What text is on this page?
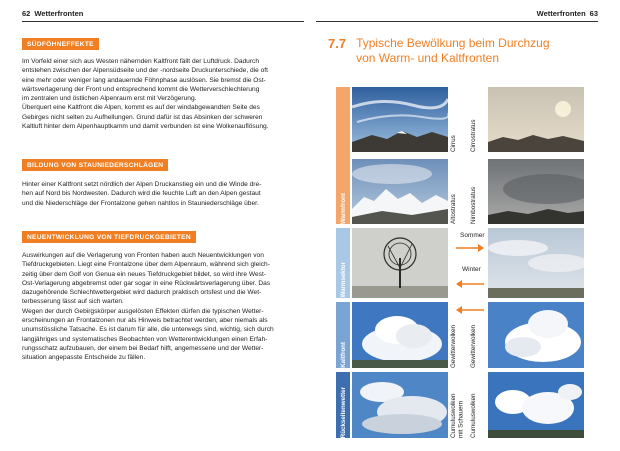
62 Wetterfronten
SÜDFÖHNEFFEKTE
Im Vorfeld einer sich aus Westen nähernden Kaltfront fällt der Luftdruck. Dadurch
entstehen zwischen der Alpensüdseite und der -nordseite Druckunterschiede, die oft
eine mehr oder weniger lang andauernde Föhnphase auslösen. Sie bremst die Ost-
wärtsverlagerung der Front und entsprechend kommt die Wetterverschlechterung
im zentralen und östlichen Alpenraum erst mit Verzögerung.
Überquert eine Kaltfront die Alpen, kommt es auf der windabgewandten Seite des
Gebirges nicht selten zu Aufhellungen. Grund dafür ist das Absinken der schweren
Kaltluft hinter dem Alpenhauptkamm und damit verbunden ist eine Wolkenauflösung.
BILDUNG VON STAUNIEDERSCHLÄGEN
Hinter einer Kaltfront setzt nördlich der Alpen Druckanstieg ein und die Winde dre-
hen auf Nord bis Nordwesten. Dadurch wird die feuchte Luft an den Alpen gestaut
und die Niederschläge der Frontalzone gehen nahtlos in Stauniederschläge über.
NEUENTWICKLUNG VON TIEFDRUCKGEBIETEN
Auswirkungen auf die Verlagerung von Fronten haben auch Neuentwicklungen von
Tiefdruckgebieten. Liegt eine Frontalzone über dem Alpenraum, während sich gleich-
zeitig über dem Golf von Genua ein neues Tiefdruckgebiet bildet, so wird ihre West-
Ost-Verlagerung abgebremst oder gar sogar in eine Rückwärtsverlagerung über. Das
dazugehörende Schlechtwettergebiet wird dadurch praktisch ortsfest und die Wet-
terbesserung lässt auf sich warten.
Wegen der durch Gebirgskörper ausgelösten Effekten dürfen die typischen Wetter-
erscheinungen an Frontalzonen nur als Hinweis betrachtet werden, aber niemals als
unumstössliche Tatsache. Es ist darum für alle, die unterwegs sind, wichtig, sich durch
langjähriges und systematisches Beobachten von Wetterentwicklungen einen Erfah-
rungsschatz aufzubauen, der einem bei Bedarf hilft, angemessene und der Wetter-
situation angepasste Entscheide zu fällen.
Wetterfronten 63
7.7 Typische Bewölkung beim Durchzug
von Warm- und Kaltfronten
Warmfront
Warmsektor
Kaltfront
Rückseitenwetter
Cirrus Cirrostratus
Altostratus Nimbostratus
Sommer
Winter
Gewitterwolken Gewitterwolken
Cumuluswolken
mit Schauern Cumuluswolken
